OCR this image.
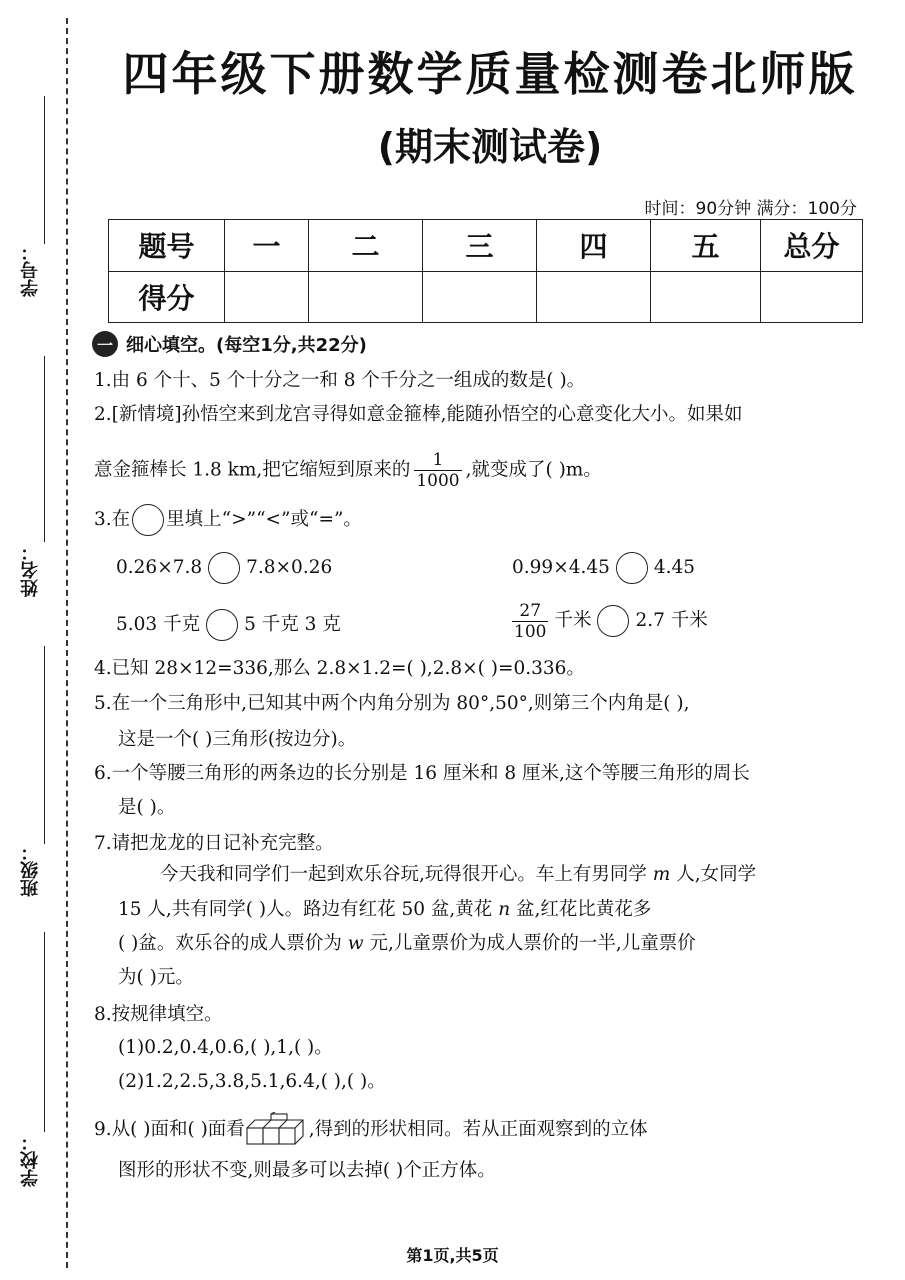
学号：
姓名：
班级：
学校：
四年级下册数学质量检测卷北师版
(期末测试卷)
时间：90分钟 满分：100分
题号	一	二	三	四	五	总分
得分						
一 细心填空。(每空1分,共22分)
1.由 6 个十、5 个十分之一和 8 个千分之一组成的数是( )。
2.[新情境]孙悟空来到龙宫寻得如意金箍棒,能随孙悟空的心意变化大小。如果如
意金箍棒长 1.8 km,把它缩短到原来的 $\frac{1}{1000}$ ,就变成了( )m。
3.在 里填上“>”“<”或“=”。
0.26×7.8 7.8×0.26	0.99×4.45 4.45
5.03 千克 5 千克 3 克	$\frac{27}{100}$ 千米 2.7 千米
4.已知 28×12=336,那么 2.8×1.2=( ),2.8×( )=0.336。
5.在一个三角形中,已知其中两个内角分别为 80°,50°,则第三个内角是( ),
这是一个( )三角形(按边分)。
6.一个等腰三角形的两条边的长分别是 16 厘米和 8 厘米,这个等腰三角形的周长
是( )。
7.请把龙龙的日记补充完整。
今天我和同学们一起到欢乐谷玩,玩得很开心。车上有男同学 m 人,女同学
15 人,共有同学( )人。路边有红花 50 盆,黄花 n 盆,红花比黄花多
( )盆。欢乐谷的成人票价为 w 元,儿童票价为成人票价的一半,儿童票价
为( )元。
8.按规律填空。
(1)0.2,0.4,0.6,( ),1,( )。
(2)1.2,2.5,3.8,5.1,6.4,( ),( )。
9.从( )面和( )面看	,得到的形状相同。若从正面观察到的立体
图形的形状不变,则最多可以去掉( )个正方体。
第1页,共5页
